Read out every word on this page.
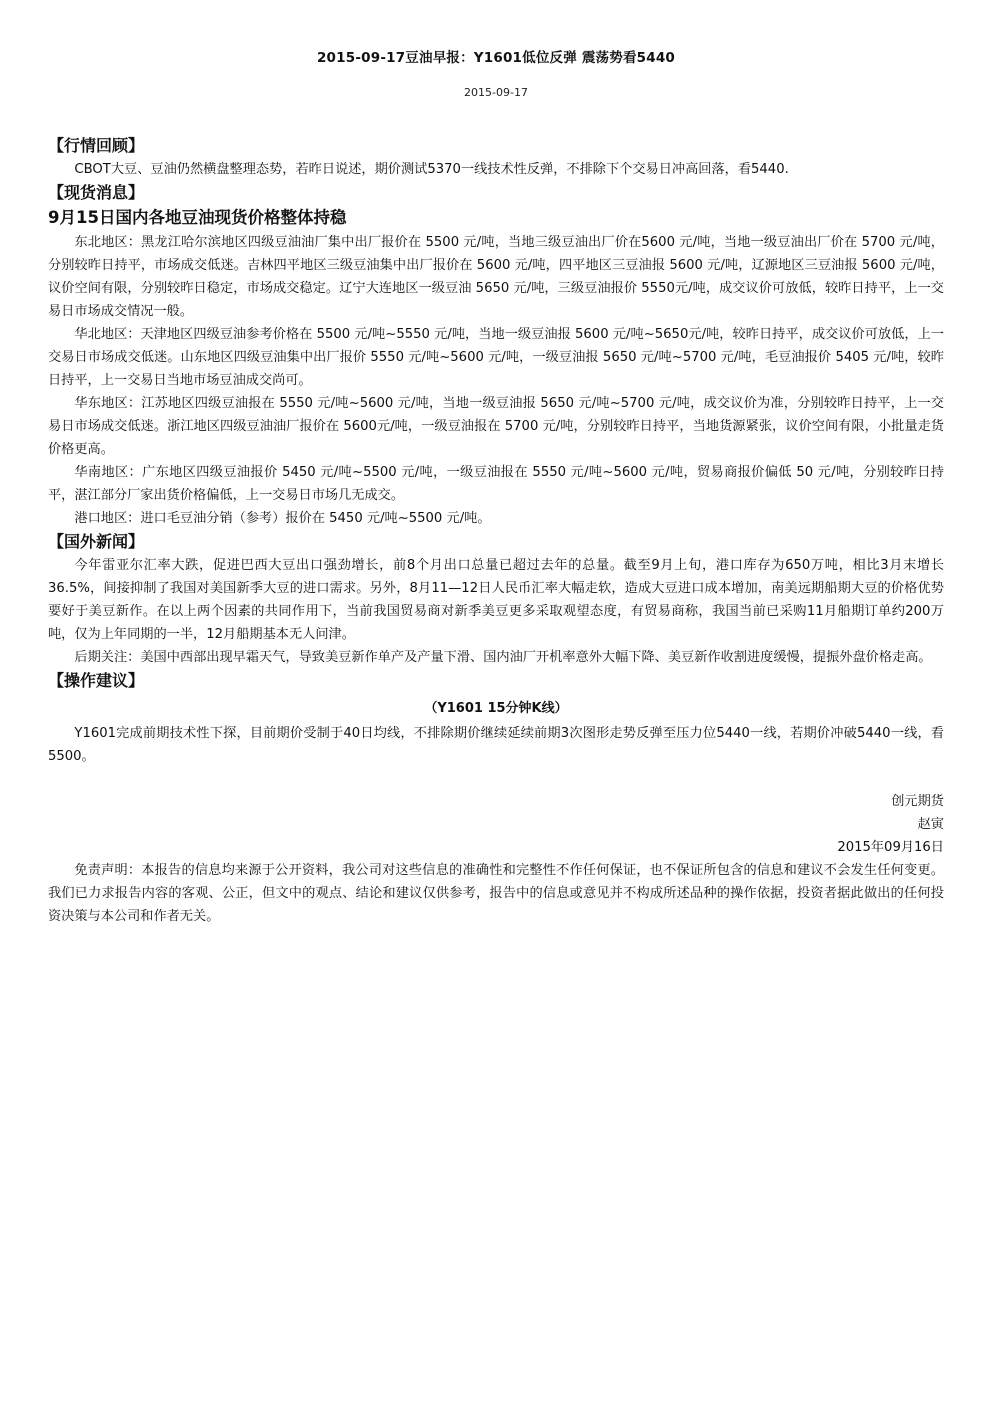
2015-09-17豆油早报：Y1601低位反弹 震荡势看5440
2015-09-17
【行情回顾】

CBOT大豆、豆油仍然横盘整理态势，若昨日说述，期价测试5370一线技术性反弹，不排除下个交易日冲高回落，看5440.

【现货消息】
9月15日国内各地豆油现货价格整体持稳

东北地区：黑龙江哈尔滨地区四级豆油油厂集中出厂报价在 5500 元/吨，当地三级豆油出厂价在5600 元/吨，当地一级豆油出厂价在 5700 元/吨，分别较昨日持平，市场成交低迷。吉林四平地区三级豆油集中出厂报价在 5600 元/吨，四平地区三豆油报 5600 元/吨，辽源地区三豆油报 5600 元/吨，议价空间有限，分别较昨日稳定，市场成交稳定。辽宁大连地区一级豆油 5650 元/吨，三级豆油报价 5550元/吨，成交议价可放低，较昨日持平，上一交易日市场成交情况一般。

华北地区：天津地区四级豆油参考价格在 5500 元/吨~5550 元/吨，当地一级豆油报 5600 元/吨~5650元/吨，较昨日持平，成交议价可放低，上一交易日市场成交低迷。山东地区四级豆油集中出厂报价 5550 元/吨~5600 元/吨，一级豆油报 5650 元/吨~5700 元/吨，毛豆油报价 5405 元/吨，较昨日持平，上一交易日当地市场豆油成交尚可。

华东地区：江苏地区四级豆油报在 5550 元/吨~5600 元/吨，当地一级豆油报 5650 元/吨~5700 元/吨，成交议价为准，分别较昨日持平，上一交易日市场成交低迷。浙江地区四级豆油油厂报价在 5600元/吨，一级豆油报在 5700 元/吨，分别较昨日持平，当地货源紧张，议价空间有限，小批量走货价格更高。

华南地区：广东地区四级豆油报价 5450 元/吨~5500 元/吨，一级豆油报在 5550 元/吨~5600 元/吨，贸易商报价偏低 50 元/吨，分别较昨日持平，湛江部分厂家出货价格偏低，上一交易日市场几无成交。

港口地区：进口毛豆油分销（参考）报价在 5450 元/吨~5500 元/吨。

【国外新闻】

今年雷亚尔汇率大跌，促进巴西大豆出口强劲增长，前8个月出口总量已超过去年的总量。截至9月上旬，港口库存为650万吨，相比3月末增长36.5%，间接抑制了我国对美国新季大豆的进口需求。另外，8月11—12日人民币汇率大幅走软，造成大豆进口成本增加，南美远期船期大豆的价格优势要好于美豆新作。在以上两个因素的共同作用下，当前我国贸易商对新季美豆更多采取观望态度，有贸易商称，我国当前已采购11月船期订单约200万吨，仅为上年同期的一半，12月船期基本无人问津。

后期关注：美国中西部出现早霜天气，导致美豆新作单产及产量下滑、国内油厂开机率意外大幅下降、美豆新作收割进度缓慢，提振外盘价格走高。

【操作建议】
（Y1601 15分钟K线）

Y1601完成前期技术性下探，目前期价受制于40日均线，不排除期价继续延续前期3次图形走势反弹至压力位5440一线，若期价冲破5440一线，看5500。

创元期货
赵寅
2015年09月16日

免责声明：本报告的信息均来源于公开资料，我公司对这些信息的准确性和完整性不作任何保证，也不保证所包含的信息和建议不会发生任何变更。我们已力求报告内容的客观、公正，但文中的观点、结论和建议仅供参考，报告中的信息或意见并不构成所述品种的操作依据，投资者据此做出的任何投资决策与本公司和作者无关。
